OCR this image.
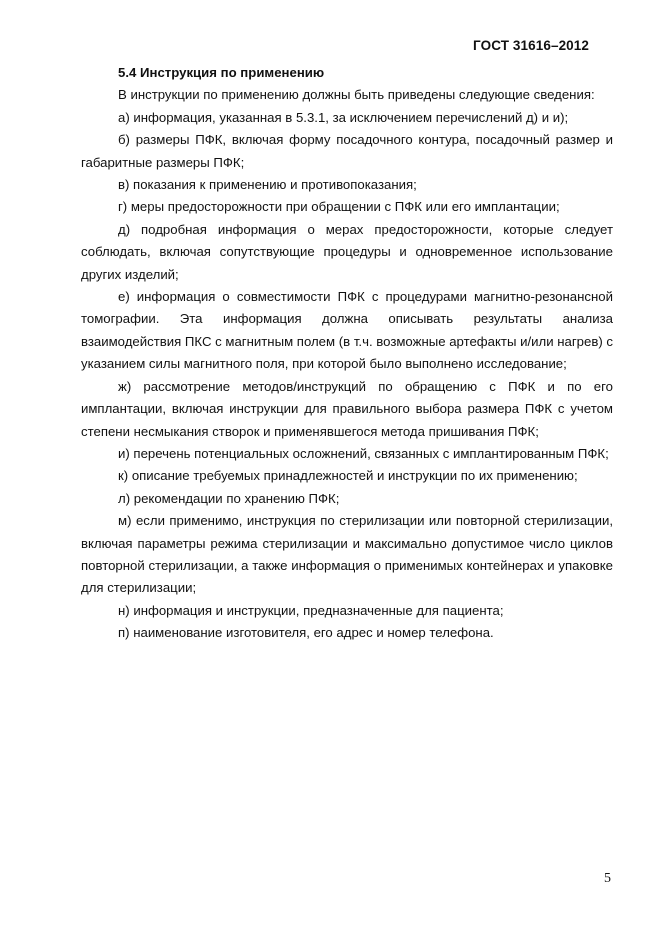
ГОСТ 31616–2012

5.4 Инструкция по применению

В инструкции по применению должны быть приведены следующие сведения:

а) информация, указанная в 5.3.1, за исключением перечислений д) и и);

б) размеры ПФК, включая форму посадочного контура, посадочный размер и габаритные размеры ПФК;

в) показания к применению и противопоказания;

г) меры предосторожности при обращении с ПФК или его имплантации;

д) подробная информация о мерах предосторожности, которые следует соблюдать, включая сопутствующие процедуры и одновременное использование других изделий;

е) информация о совместимости ПФК с процедурами магнитно-резонансной томографии. Эта информация должна описывать результаты анализа взаимодействия ПКС с магнитным полем (в т.ч. возможные артефакты и/или нагрев) с указанием силы магнитного поля, при которой было выполнено исследование;

ж) рассмотрение методов/инструкций по обращению с ПФК и по его имплантации, включая инструкции для правильного выбора размера ПФК с учетом степени несмыкания створок и применявшегося метода пришивания ПФК;

и) перечень потенциальных осложнений, связанных с имплантированным ПФК;

к) описание требуемых принадлежностей и инструкции по их применению;

л) рекомендации по хранению ПФК;

м) если применимо, инструкция по стерилизации или повторной стерилизации, включая параметры режима стерилизации и максимально допустимое число циклов повторной стерилизации, а также информация о применимых контейнерах и упаковке для стерилизации;

н) информация и инструкции, предназначенные для пациента;

п) наименование изготовителя, его адрес и номер телефона.

5
